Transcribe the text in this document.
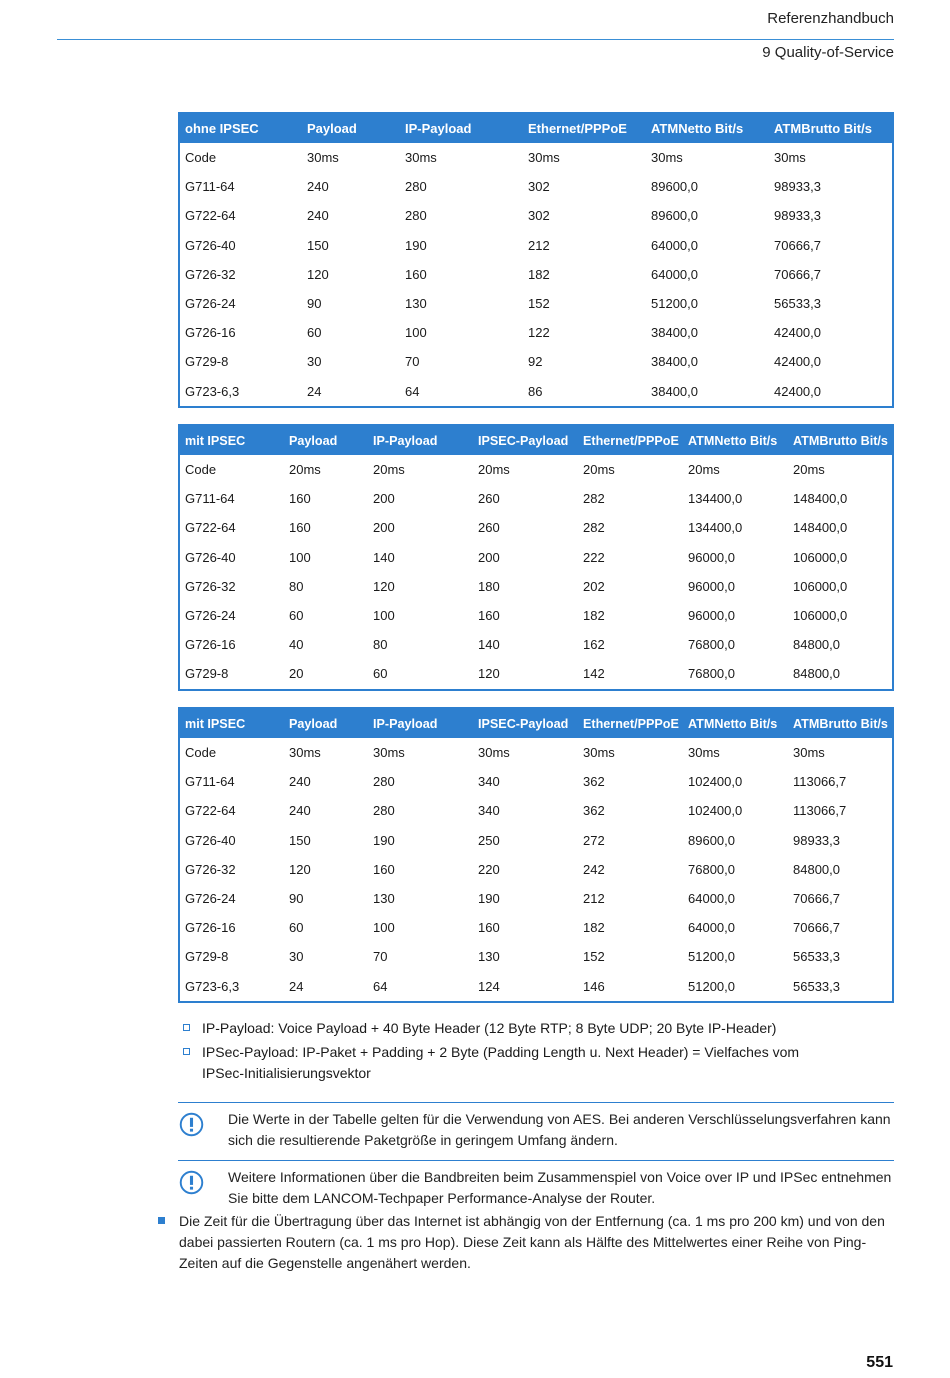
Referenzhandbuch
9 Quality-of-Service
ohne IPSEC	Payload	IP-Payload	Ethernet/PPPoE	ATMNetto Bit/s	ATMBrutto Bit/s
Code	30ms	30ms	30ms	30ms	30ms
G711-64	240	280	302	89600,0	98933,3
G722-64	240	280	302	89600,0	98933,3
G726-40	150	190	212	64000,0	70666,7
G726-32	120	160	182	64000,0	70666,7
G726-24	90	130	152	51200,0	56533,3
G726-16	60	100	122	38400,0	42400,0
G729-8	30	70	92	38400,0	42400,0
G723-6,3	24	64	86	38400,0	42400,0
mit IPSEC	Payload	IP-Payload	IPSEC-Payload	Ethernet/PPPoE	ATMNetto Bit/s	ATMBrutto Bit/s
Code	20ms	20ms	20ms	20ms	20ms	20ms
G711-64	160	200	260	282	134400,0	148400,0
G722-64	160	200	260	282	134400,0	148400,0
G726-40	100	140	200	222	96000,0	106000,0
G726-32	80	120	180	202	96000,0	106000,0
G726-24	60	100	160	182	96000,0	106000,0
G726-16	40	80	140	162	76800,0	84800,0
G729-8	20	60	120	142	76800,0	84800,0
mit IPSEC	Payload	IP-Payload	IPSEC-Payload	Ethernet/PPPoE	ATMNetto Bit/s	ATMBrutto Bit/s
Code	30ms	30ms	30ms	30ms	30ms	30ms
G711-64	240	280	340	362	102400,0	113066,7
G722-64	240	280	340	362	102400,0	113066,7
G726-40	150	190	250	272	89600,0	98933,3
G726-32	120	160	220	242	76800,0	84800,0
G726-24	90	130	190	212	64000,0	70666,7
G726-16	60	100	160	182	64000,0	70666,7
G729-8	30	70	130	152	51200,0	56533,3
G723-6,3	24	64	124	146	51200,0	56533,3
IP-Payload: Voice Payload + 40 Byte Header (12 Byte RTP; 8 Byte UDP; 20 Byte IP-Header)
IPSec-Payload: IP-Paket + Padding + 2 Byte (Padding Length u. Next Header) = Vielfaches vom IPSec-Initialisierungsvektor
Die Werte in der Tabelle gelten für die Verwendung von AES. Bei anderen Verschlüsselungsverfahren kann sich die resultierende Paketgröße in geringem Umfang ändern.
Weitere Informationen über die Bandbreiten beim Zusammenspiel von Voice over IP und IPSec entnehmen Sie bitte dem LANCOM-Techpaper Performance-Analyse der Router.
Die Zeit für die Übertragung über das Internet ist abhängig von der Entfernung (ca. 1 ms pro 200 km) und von den dabei passierten Routern (ca. 1 ms pro Hop). Diese Zeit kann als Hälfte des Mittelwertes einer Reihe von Ping-Zeiten auf die Gegenstelle angenähert werden.
551
